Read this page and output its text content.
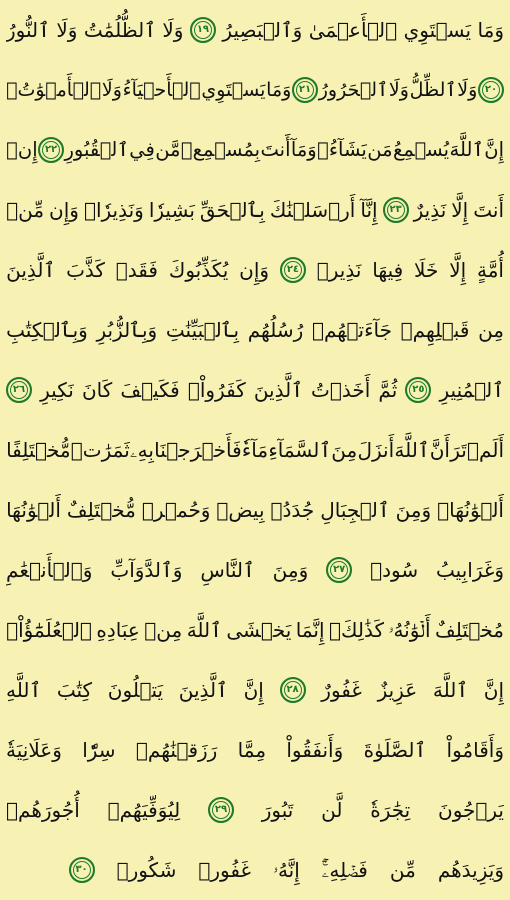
وَمَا
يَسۡتَوِي
ٱلۡأَعۡمَىٰ
وَٱلۡبَصِيرُ
١٩
وَلَا
ٱلظُّلُمَٰتُ
وَلَا
ٱلنُّورُ
٢٠
وَلَا
ٱلظِّلُّ
وَلَا
ٱلۡحَرُورُ
٢١
وَمَا
يَسۡتَوِي
ٱلۡأَحۡيَآءُ
وَلَا
ٱلۡأَمۡوَٰتُۚ
إِنَّ
ٱللَّهَ
يُسۡمِعُ
مَن
يَشَآءُۖ
وَمَآ
أَنتَ
بِمُسۡمِعٖ
مَّن
فِي
ٱلۡقُبُورِ
٢٢
إِنۡ
أَنتَ
إِلَّا
نَذِيرٌ
٢٣
إِنَّآ
أَرۡسَلۡنَٰكَ
بِٱلۡحَقِّ
بَشِيرٗا
وَنَذِيرٗاۚ
وَإِن
مِّنۡ
أُمَّةٍ
إِلَّا
خَلَا
فِيهَا
نَذِيرٞ
٢٤
وَإِن
يُكَذِّبُوكَ
فَقَدۡ
كَذَّبَ
ٱلَّذِينَ
مِن
قَبۡلِهِمۡ
جَآءَتۡهُمۡ
رُسُلُهُم
بِٱلۡبَيِّنَٰتِ
وَبِٱلزُّبُرِ
وَبِٱلۡكِتَٰبِ
ٱلۡمُنِيرِ
٢٥
ثُمَّ
أَخَذۡتُ
ٱلَّذِينَ
كَفَرُواْۖ
فَكَيۡفَ
كَانَ
نَكِيرِ
٢٦
أَلَمۡ
تَرَ
أَنَّ
ٱللَّهَ
أَنزَلَ
مِنَ
ٱلسَّمَآءِ
مَآءٗ
فَأَخۡرَجۡنَا
بِهِۦ
ثَمَرَٰتٖ
مُّخۡتَلِفًا
أَلۡوَٰنُهَاۚ
وَمِنَ
ٱلۡجِبَالِ
جُدَدُۢ
بِيضٞ
وَحُمۡرٞ
مُّخۡتَلِفٌ
أَلۡوَٰنُهَا
وَغَرَابِيبُ
سُودٞ
٢٧
وَمِنَ
ٱلنَّاسِ
وَٱلدَّوَآبِّ
وَٱلۡأَنۡعَٰمِ
مُخۡتَلِفٌ
أَلۡوَٰنُهُۥ
كَذَٰلِكَۗ
إِنَّمَا
يَخۡشَى
ٱللَّهَ
مِنۡ
عِبَادِهِ
ٱلۡعُلَمَٰٓؤُاْۗ
إِنَّ
ٱللَّهَ
عَزِيزٌ
غَفُورٌ
٢٨
إِنَّ
ٱلَّذِينَ
يَتۡلُونَ
كِتَٰبَ
ٱللَّهِ
وَأَقَامُواْ
ٱلصَّلَوٰةَ
وَأَنفَقُواْ
مِمَّا
رَزَقۡنَٰهُمۡ
سِرّٗا
وَعَلَانِيَةٗ
يَرۡجُونَ
تِجَٰرَةٗ
لَّن
تَبُورَ
٢٩
لِيُوَفِّيَهُمۡ
أُجُورَهُمۡ
وَيَزِيدَهُم
مِّن
فَضۡلِهِۦٓۚ
إِنَّهُۥ
غَفُورٞ
شَكُورٞ
٣٠
